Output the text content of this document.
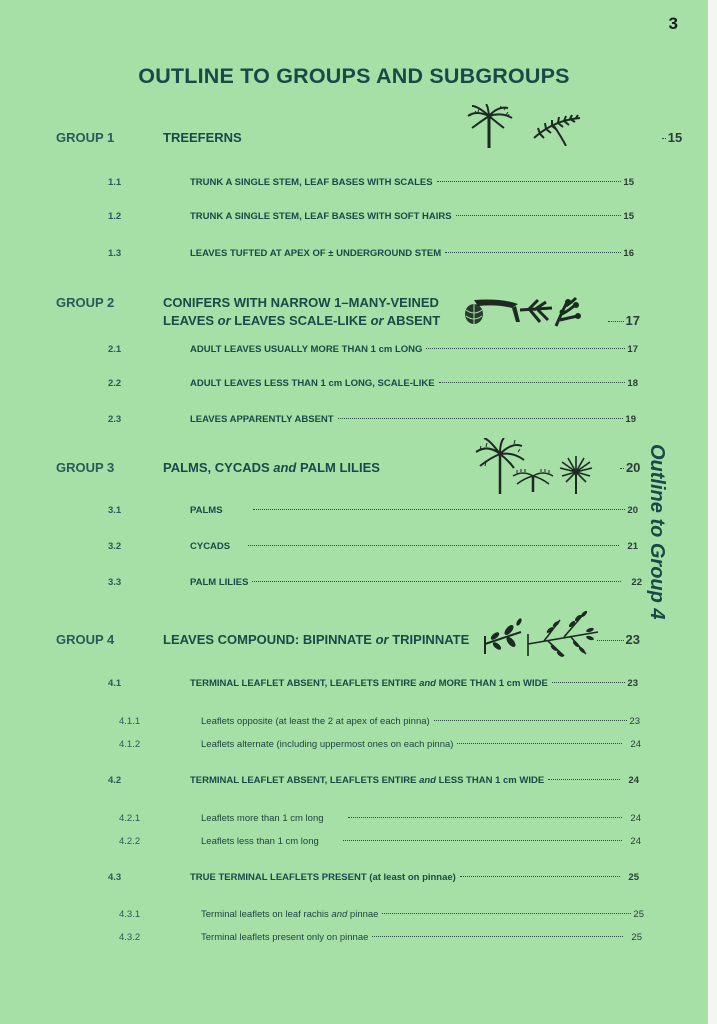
3
OUTLINE TO GROUPS AND SUBGROUPS
Outline to Group 4
GROUP 1	TREEFERNS	15
1.1	TRUNK A SINGLE STEM, LEAF BASES WITH SCALES	15
1.2	TRUNK A SINGLE STEM, LEAF BASES WITH SOFT HAIRS	15
1.3	LEAVES TUFTED AT APEX OF ± UNDERGROUND STEM	16
GROUP 2	CONIFERS WITH NARROW 1–MANY-VEINED
LEAVES or LEAVES SCALE-LIKE or ABSENT	17
2.1	ADULT LEAVES USUALLY MORE THAN 1 cm LONG	17
2.2	ADULT LEAVES LESS THAN 1 cm LONG, SCALE-LIKE	18
2.3	LEAVES APPARENTLY ABSENT	19
GROUP 3	PALMS, CYCADS and PALM LILIES	20
3.1	PALMS	20
3.2	CYCADS	21
3.3	PALM LILIES	22
GROUP 4	LEAVES COMPOUND: BIPINNATE or TRIPINNATE	23
4.1	TERMINAL LEAFLET ABSENT, LEAFLETS ENTIRE and MORE THAN 1 cm WIDE	23
4.1.1	Leaflets opposite (at least the 2 at apex of each pinna)	23
4.1.2	Leaflets alternate (including uppermost ones on each pinna)	24
4.2	TERMINAL LEAFLET ABSENT, LEAFLETS ENTIRE and LESS THAN 1 cm WIDE	24
4.2.1	Leaflets more than 1 cm long	24
4.2.2	Leaflets less than 1 cm long	24
4.3	TRUE TERMINAL LEAFLETS PRESENT (at least on pinnae)	25
4.3.1	Terminal leaflets on leaf rachis and pinnae	25
4.3.2	Terminal leaflets present only on pinnae	25
